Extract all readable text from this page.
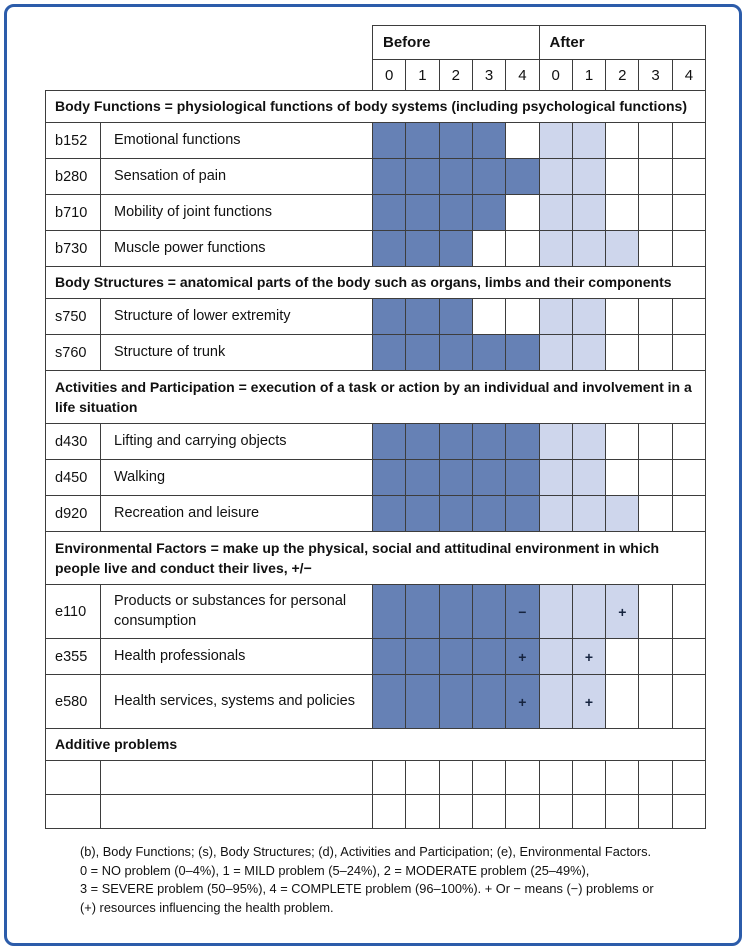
		Before					After				
		0	1	2	3	4	0	1	2	3	4
Body Functions = physiological functions of body systems (including psychological functions)											
b152	Emotional functions										
b280	Sensation of pain										
b710	Mobility of joint functions										
b730	Muscle power functions										
Body Structures = anatomical parts of the body such as organs, limbs and their components											
s750	Structure of lower extremity										
s760	Structure of trunk										
Activities and Participation = execution of a task or action by an individual and involvement in a life situation											
d430	Lifting and carrying objects										
d450	Walking										
d920	Recreation and leisure										
Environmental Factors = make up the physical, social and attitudinal environment in which people live and conduct their lives, +/−											
e110	Products or substances for personal consumption					−			+		
e355	Health professionals					+		+			
e580	Health services, systems and policies					+		+			
Additive problems											

(b), Body Functions; (s), Body Structures; (d), Activities and Participation; (e), Environmental Factors.
0 = NO problem (0–4%), 1 = MILD problem (5–24%), 2 = MODERATE problem (25–49%),
3 = SEVERE problem (50–95%), 4 = COMPLETE problem (96–100%). + Or − means (−) problems or
(+) resources influencing the health problem.
